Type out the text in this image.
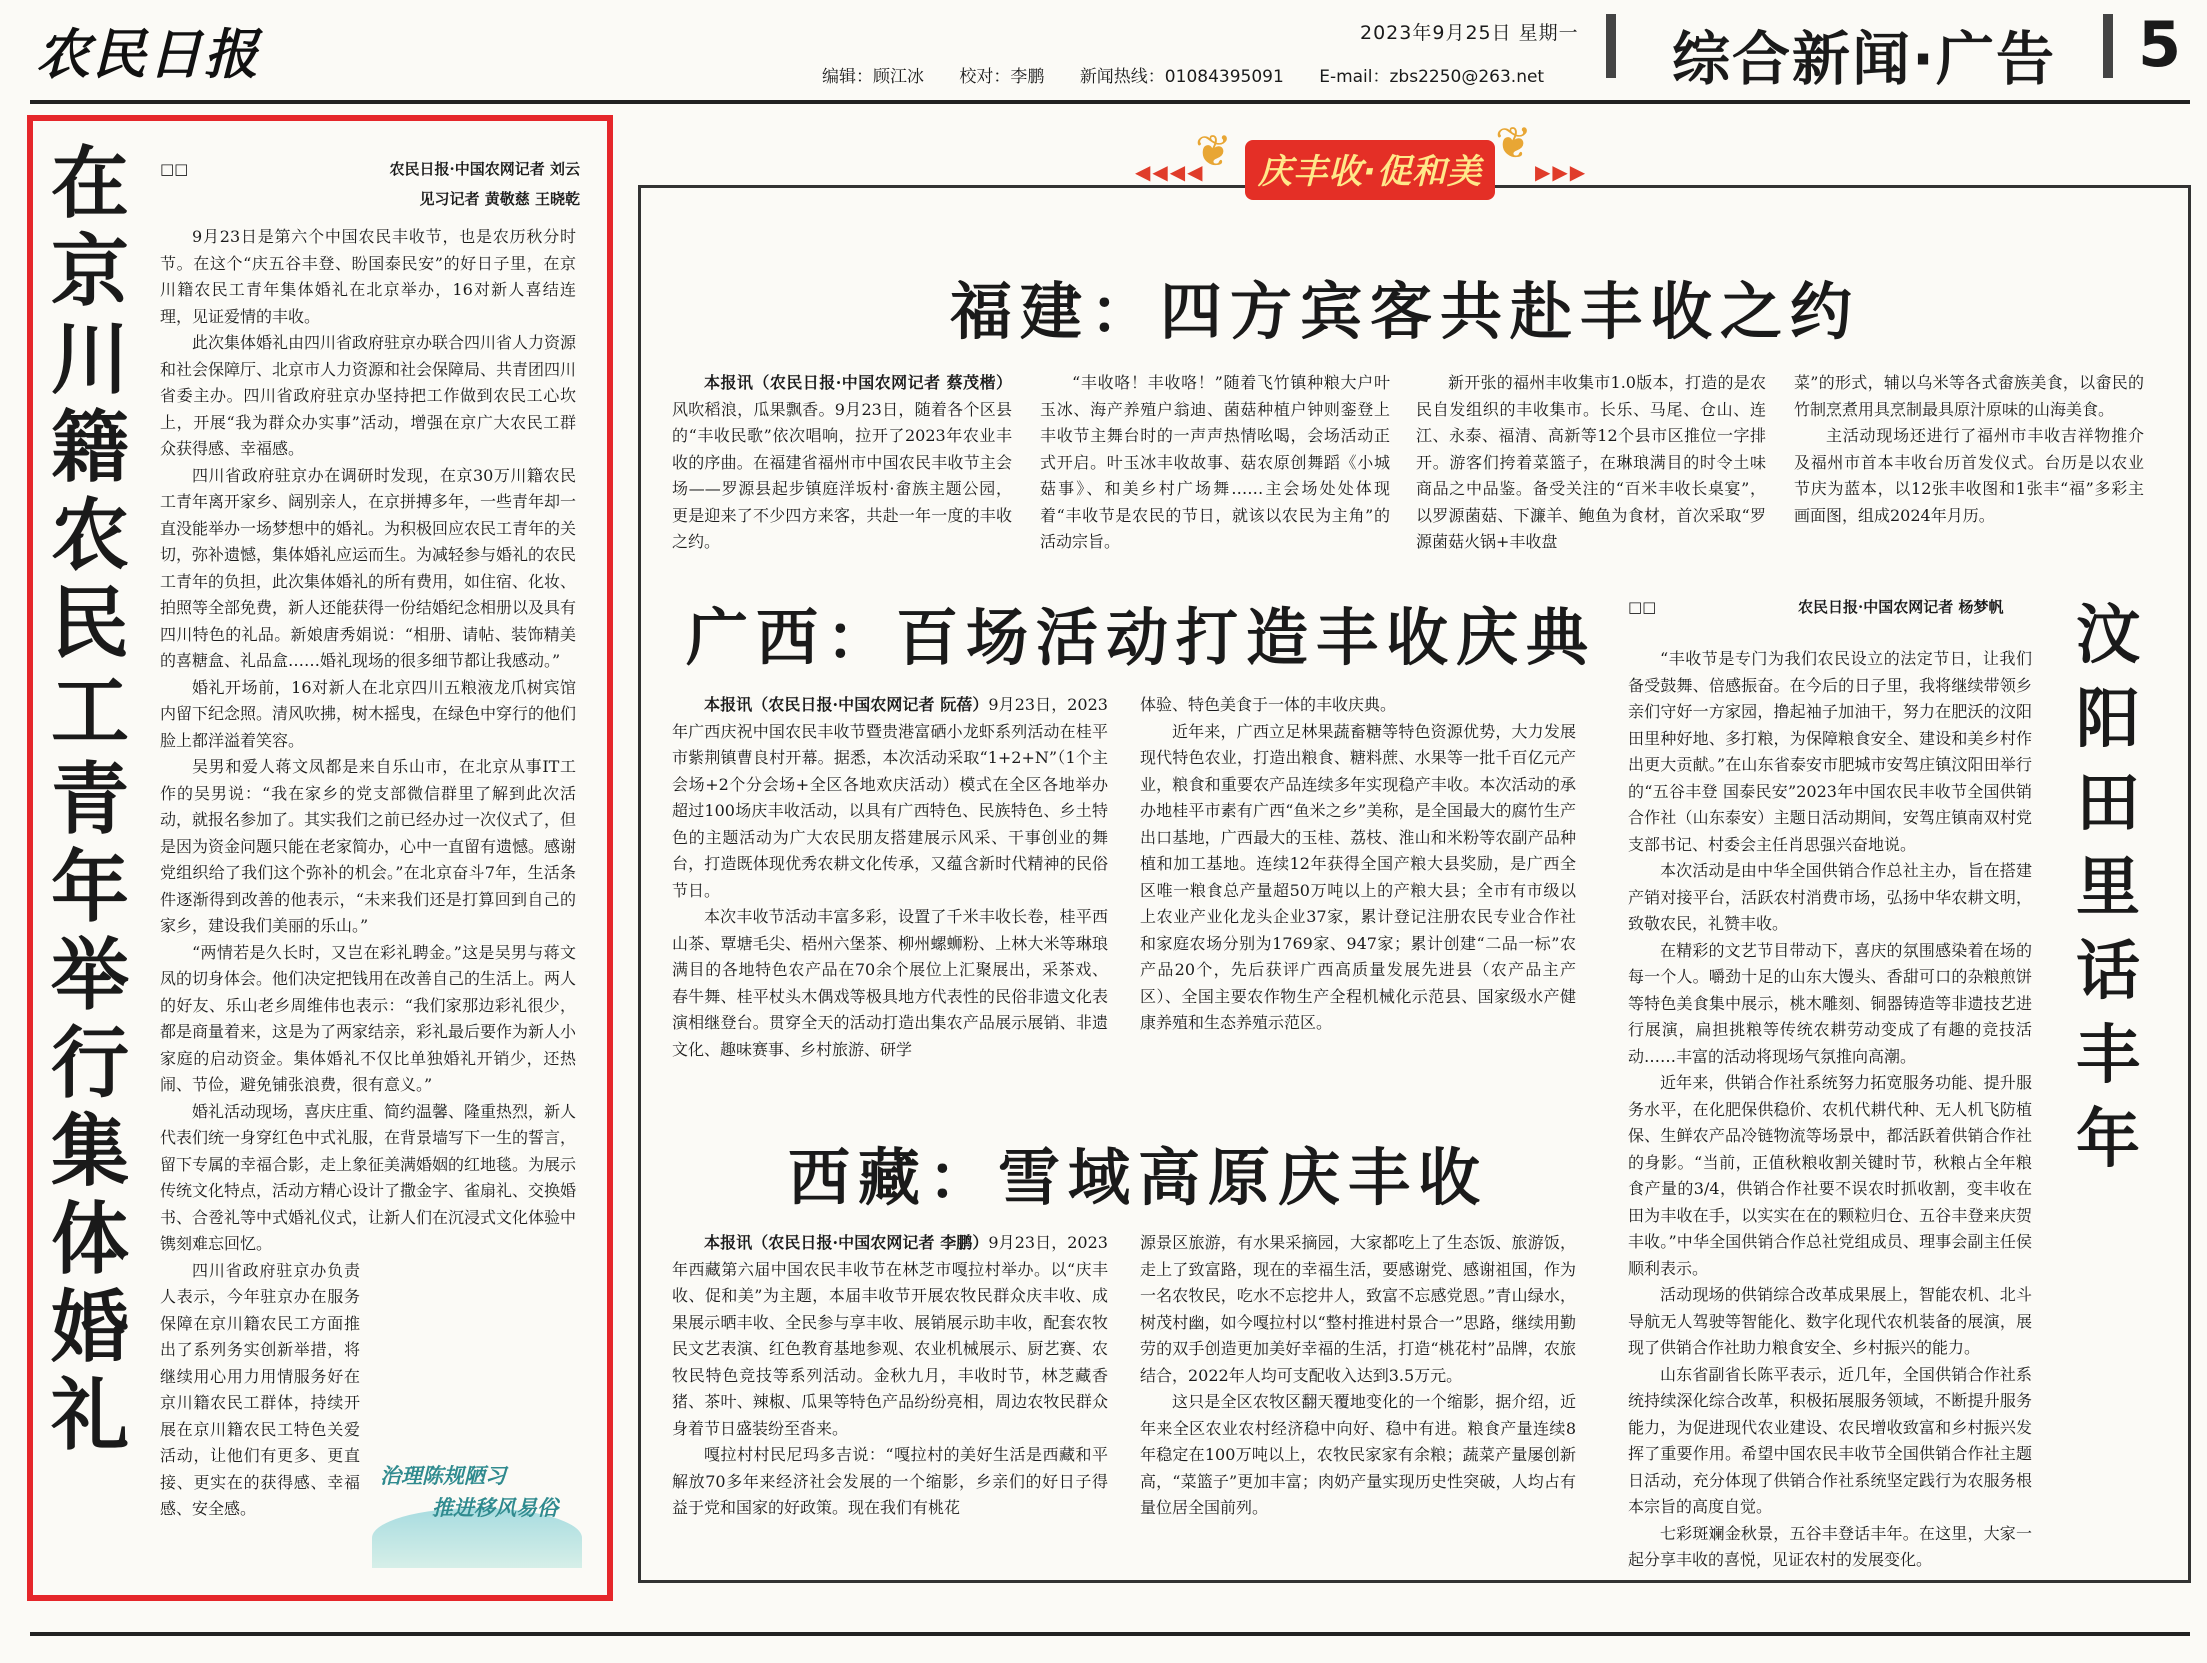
农民日报	2023年9月25日 星期一
编辑：顾江冰 校对：李鹏 新闻热线：01084395091 E-mail：zbs2250@263.net	综合新闻·广告 5
在京川籍农民工青年举行集体婚礼
□□	农民日报·中国农网记者 刘云
见习记者 黄敬慈 王晓乾

9月23日是第六个中国农民丰收节，也是农历秋分时节。在这个“庆五谷丰登、盼国泰民安”的好日子里，在京川籍农民工青年集体婚礼在北京举办，16对新人喜结连理，见证爱情的丰收。

此次集体婚礼由四川省政府驻京办联合四川省人力资源和社会保障厅、北京市人力资源和社会保障局、共青团四川省委主办。四川省政府驻京办坚持把工作做到农民工心坎上，开展“我为群众办实事”活动，增强在京广大农民工群众获得感、幸福感。

四川省政府驻京办在调研时发现，在京30万川籍农民工青年离开家乡、阔别亲人，在京拼搏多年，一些青年却一直没能举办一场梦想中的婚礼。为积极回应农民工青年的关切，弥补遗憾，集体婚礼应运而生。为减轻参与婚礼的农民工青年的负担，此次集体婚礼的所有费用，如住宿、化妆、拍照等全部免费，新人还能获得一份结婚纪念相册以及具有四川特色的礼品。新娘唐秀娟说：“相册、请帖、装饰精美的喜糖盒、礼品盒……婚礼现场的很多细节都让我感动。”

婚礼开场前，16对新人在北京四川五粮液龙爪树宾馆内留下纪念照。清风吹拂，树木摇曳，在绿色中穿行的他们脸上都洋溢着笑容。

吴男和爱人蒋文凤都是来自乐山市，在北京从事IT工作的吴男说：“我在家乡的党支部微信群里了解到此次活动，就报名参加了。其实我们之前已经办过一次仪式了，但是因为资金问题只能在老家简办，心中一直留有遗憾。感谢党组织给了我们这个弥补的机会。”在北京奋斗7年，生活条件逐渐得到改善的他表示，“未来我们还是打算回到自己的家乡，建设我们美丽的乐山。”

“两情若是久长时，又岂在彩礼聘金。”这是吴男与蒋文凤的切身体会。他们决定把钱用在改善自己的生活上。两人的好友、乐山老乡周维伟也表示：“我们家那边彩礼很少，都是商量着来，这是为了两家结亲，彩礼最后要作为新人小家庭的启动资金。集体婚礼不仅比单独婚礼开销少，还热闹、节俭，避免铺张浪费，很有意义。”

婚礼活动现场，喜庆庄重、简约温馨、隆重热烈，新人代表们统一身穿红色中式礼服，在背景墙写下一生的誓言，留下专属的幸福合影，走上象征美满婚姻的红地毯。为展示传统文化特点，活动方精心设计了撒金字、雀扇礼、交换婚书、合卺礼等中式婚礼仪式，让新人们在沉浸式文化体验中镌刻难忘回忆。

四川省政府驻京办负责人表示，今年驻京办在服务保障在京川籍农民工方面推出了系列务实创新举措，将继续用心用力用情服务好在京川籍农民工群体，持续开展在京川籍农民工特色关爱活动，让他们有更多、更直接、更实在的获得感、幸福感、安全感。

治理陈规陋习
推进移风易俗
◀◀◀◀
❦ 庆丰收·促和美
❦
▶▶▶
福建：四方宾客共赴丰收之约

本报讯（农民日报·中国农网记者 蔡茂楷）风吹稻浪，瓜果飘香。9月23日，随着各个区县的“丰收民歌”依次唱响，拉开了2023年农业丰收的序曲。在福建省福州市中国农民丰收节主会场——罗源县起步镇庭洋坂村·畲族主题公园，更是迎来了不少四方来客，共赴一年一度的丰收之约。

“丰收咯！丰收咯！”随着飞竹镇种粮大户叶玉冰、海产养殖户翁迪、菌菇种植户钟则銮登上丰收节主舞台时的一声声热情吆喝，会场活动正式开启。叶玉冰丰收故事、菇农原创舞蹈《小城菇事》、和美乡村广场舞……主会场处处体现着“丰收节是农民的节日，就该以农民为主角”的活动宗旨。

新开张的福州丰收集市1.0版本，打造的是农民自发组织的丰收集市。长乐、马尾、仓山、连江、永泰、福清、高新等12个县市区推位一字排开。游客们挎着菜篮子，在琳琅满目的时令土味商品之中品鉴。备受关注的“百米丰收长桌宴”，以罗源菌菇、下濂羊、鲍鱼为食材，首次采取“罗源菌菇火锅+丰收盘

菜”的形式，辅以乌米等各式畲族美食，以畲民的竹制烹煮用具烹制最具原汁原味的山海美食。

主活动现场还进行了福州市丰收吉祥物推介及福州市首本丰收台历首发仪式。台历是以农业节庆为蓝本，以12张丰收图和1张丰“福”多彩主画面图，组成2024年月历。

广西：百场活动打造丰收庆典

本报讯（农民日报·中国农网记者 阮蓓）9月23日，2023年广西庆祝中国农民丰收节暨贵港富硒小龙虾系列活动在桂平市紫荆镇曹良村开幕。据悉，本次活动采取“1+2+N”（1个主会场+2个分会场+全区各地欢庆活动）模式在全区各地举办超过100场庆丰收活动，以具有广西特色、民族特色、乡土特色的主题活动为广大农民朋友搭建展示风采、干事创业的舞台，打造既体现优秀农耕文化传承，又蕴含新时代精神的民俗节日。

本次丰收节活动丰富多彩，设置了千米丰收长卷，桂平西山茶、覃塘毛尖、梧州六堡茶、柳州螺蛳粉、上林大米等琳琅满目的各地特色农产品在70余个展位上汇聚展出，采茶戏、春牛舞、桂平杖头木偶戏等极具地方代表性的民俗非遗文化表演相继登台。贯穿全天的活动打造出集农产品展示展销、非遗文化、趣味赛事、乡村旅游、研学

体验、特色美食于一体的丰收庆典。

近年来，广西立足林果蔬畜糖等特色资源优势，大力发展现代特色农业，打造出粮食、糖料蔗、水果等一批千百亿元产业，粮食和重要农产品连续多年实现稳产丰收。本次活动的承办地桂平市素有广西“鱼米之乡”美称，是全国最大的腐竹生产出口基地，广西最大的玉桂、荔枝、淮山和米粉等农副产品种植和加工基地。连续12年获得全国产粮大县奖励，是广西全区唯一粮食总产量超50万吨以上的产粮大县；全市有市级以上农业产业化龙头企业37家，累计登记注册农民专业合作社和家庭农场分别为1769家、947家；累计创建“二品一标”农产品20个，先后获评广西高质量发展先进县（农产品主产区）、全国主要农作物生产全程机械化示范县、国家级水产健康养殖和生态养殖示范区。

西藏：雪域高原庆丰收

本报讯（农民日报·中国农网记者 李鹏）9月23日，2023年西藏第六届中国农民丰收节在林芝市嘎拉村举办。以“庆丰收、促和美”为主题，本届丰收节开展农牧民群众庆丰收、成果展示晒丰收、全民参与享丰收、展销展示助丰收，配套农牧民文艺表演、红色教育基地参观、农业机械展示、厨艺赛、农牧民特色竞技等系列活动。金秋九月，丰收时节，林芝藏香猪、茶叶、辣椒、瓜果等特色产品纷纷亮相，周边农牧民群众身着节日盛装纷至沓来。

嘎拉村村民尼玛多吉说：“嘎拉村的美好生活是西藏和平解放70多年来经济社会发展的一个缩影，乡亲们的好日子得益于党和国家的好政策。现在我们有桃花

源景区旅游，有水果采摘园，大家都吃上了生态饭、旅游饭，走上了致富路，现在的幸福生活，要感谢党、感谢祖国，作为一名农牧民，吃水不忘挖井人，致富不忘感党恩。”青山绿水，树茂村幽，如今嘎拉村以“整村推进村景合一”思路，继续用勤劳的双手创造更加美好幸福的生活，打造“桃花村”品牌，农旅结合，2022年人均可支配收入达到3.5万元。

这只是全区农牧区翻天覆地变化的一个缩影，据介绍，近年来全区农业农村经济稳中向好、稳中有进。粮食产量连续8年稳定在100万吨以上，农牧民家家有余粮；蔬菜产量屡创新高，“菜篮子”更加丰富；肉奶产量实现历史性突破，人均占有量位居全国前列。

□□	农民日报·中国农网记者 杨梦帆 汶阳田里话丰年

“丰收节是专门为我们农民设立的法定节日，让我们备受鼓舞、倍感振奋。在今后的日子里，我将继续带领乡亲们守好一方家园，撸起袖子加油干，努力在肥沃的汶阳田里种好地、多打粮，为保障粮食安全、建设和美乡村作出更大贡献。”在山东省泰安市肥城市安驾庄镇汶阳田举行的“五谷丰登 国泰民安”2023年中国农民丰收节全国供销合作社（山东泰安）主题日活动期间，安驾庄镇南双村党支部书记、村委会主任肖思强兴奋地说。

本次活动是由中华全国供销合作总社主办，旨在搭建产销对接平台，活跃农村消费市场，弘扬中华农耕文明，致敬农民，礼赞丰收。

在精彩的文艺节目带动下，喜庆的氛围感染着在场的每一个人。嚼劲十足的山东大馒头、香甜可口的杂粮煎饼等特色美食集中展示，桃木雕刻、铜器铸造等非遗技艺进行展演，扁担挑粮等传统农耕劳动变成了有趣的竞技活动……丰富的活动将现场气氛推向高潮。

近年来，供销合作社系统努力拓宽服务功能、提升服务水平，在化肥保供稳价、农机代耕代种、无人机飞防植保、生鲜农产品冷链物流等场景中，都活跃着供销合作社的身影。“当前，正值秋粮收割关键时节，秋粮占全年粮食产量的3/4，供销合作社要不误农时抓收割，变丰收在田为丰收在手，以实实在在的颗粒归仓、五谷丰登来庆贺丰收。”中华全国供销合作总社党组成员、理事会副主任侯顺利表示。

活动现场的供销综合改革成果展上，智能农机、北斗导航无人驾驶等智能化、数字化现代农机装备的展演，展现了供销合作社助力粮食安全、乡村振兴的能力。

山东省副省长陈平表示，近几年，全国供销合作社系统持续深化综合改革，积极拓展服务领域，不断提升服务能力，为促进现代农业建设、农民增收致富和乡村振兴发挥了重要作用。希望中国农民丰收节全国供销合作社主题日活动，充分体现了供销合作社系统坚定践行为农服务根本宗旨的高度自觉。

七彩斑斓金秋景，五谷丰登话丰年。在这里，大家一起分享丰收的喜悦，见证农村的发展变化。
